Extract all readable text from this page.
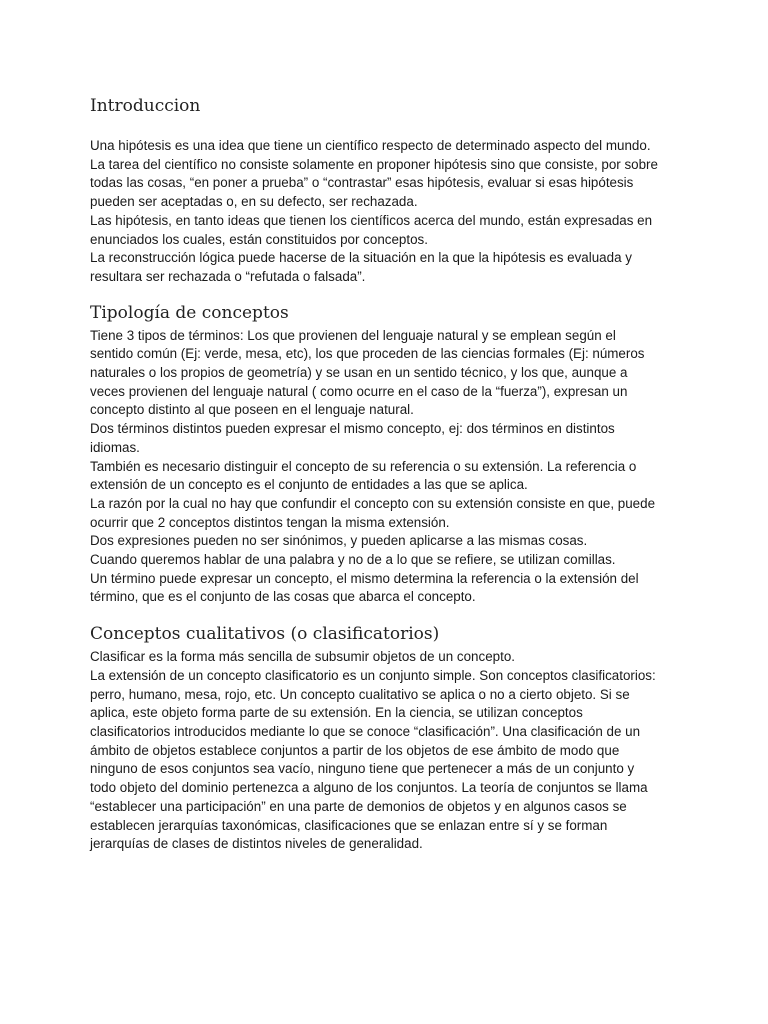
Introduccion
Una hipótesis es una idea que tiene un científico respecto de determinado aspecto del mundo.
La tarea del científico no consiste solamente en proponer hipótesis sino que consiste, por sobre
todas las cosas, “en poner a prueba” o “contrastar” esas hipótesis, evaluar si esas hipótesis
pueden ser aceptadas o, en su defecto, ser rechazada.
Las hipótesis, en tanto ideas que tienen los científicos acerca del mundo, están expresadas en
enunciados los cuales, están constituidos por conceptos.
La reconstrucción lógica puede hacerse de la situación en la que la hipótesis es evaluada y
resultara ser rechazada o “refutada o falsada”.
Tipología de conceptos
Tiene 3 tipos de términos: Los que provienen del lenguaje natural y se emplean según el
sentido común (Ej: verde, mesa, etc), los que proceden de las ciencias formales (Ej: números
naturales o los propios de geometría) y se usan en un sentido técnico, y los que, aunque a
veces provienen del lenguaje natural ( como ocurre en el caso de la “fuerza”), expresan un
concepto distinto al que poseen en el lenguaje natural.
Dos términos distintos pueden expresar el mismo concepto, ej: dos términos en distintos
idiomas.
También es necesario distinguir el concepto de su referencia o su extensión. La referencia o
extensión de un concepto es el conjunto de entidades a las que se aplica.
La razón por la cual no hay que confundir el concepto con su extensión consiste en que, puede
ocurrir que 2 conceptos distintos tengan la misma extensión.
Dos expresiones pueden no ser sinónimos, y pueden aplicarse a las mismas cosas.
Cuando queremos hablar de una palabra y no de a lo que se refiere, se utilizan comillas.
Un término puede expresar un concepto, el mismo determina la referencia o la extensión del
término, que es el conjunto de las cosas que abarca el concepto.
Conceptos cualitativos (o clasificatorios)
Clasificar es la forma más sencilla de subsumir objetos de un concepto.
La extensión de un concepto clasificatorio es un conjunto simple. Son conceptos clasificatorios:
perro, humano, mesa, rojo, etc. Un concepto cualitativo se aplica o no a cierto objeto. Si se
aplica, este objeto forma parte de su extensión. En la ciencia, se utilizan conceptos
clasificatorios introducidos mediante lo que se conoce “clasificación”. Una clasificación de un
ámbito de objetos establece conjuntos a partir de los objetos de ese ámbito de modo que
ninguno de esos conjuntos sea vacío, ninguno tiene que pertenecer a más de un conjunto y
todo objeto del dominio pertenezca a alguno de los conjuntos. La teoría de conjuntos se llama
“establecer una participación” en una parte de demonios de objetos y en algunos casos se
establecen jerarquías taxonómicas, clasificaciones que se enlazan entre sí y se forman
jerarquías de clases de distintos niveles de generalidad.
